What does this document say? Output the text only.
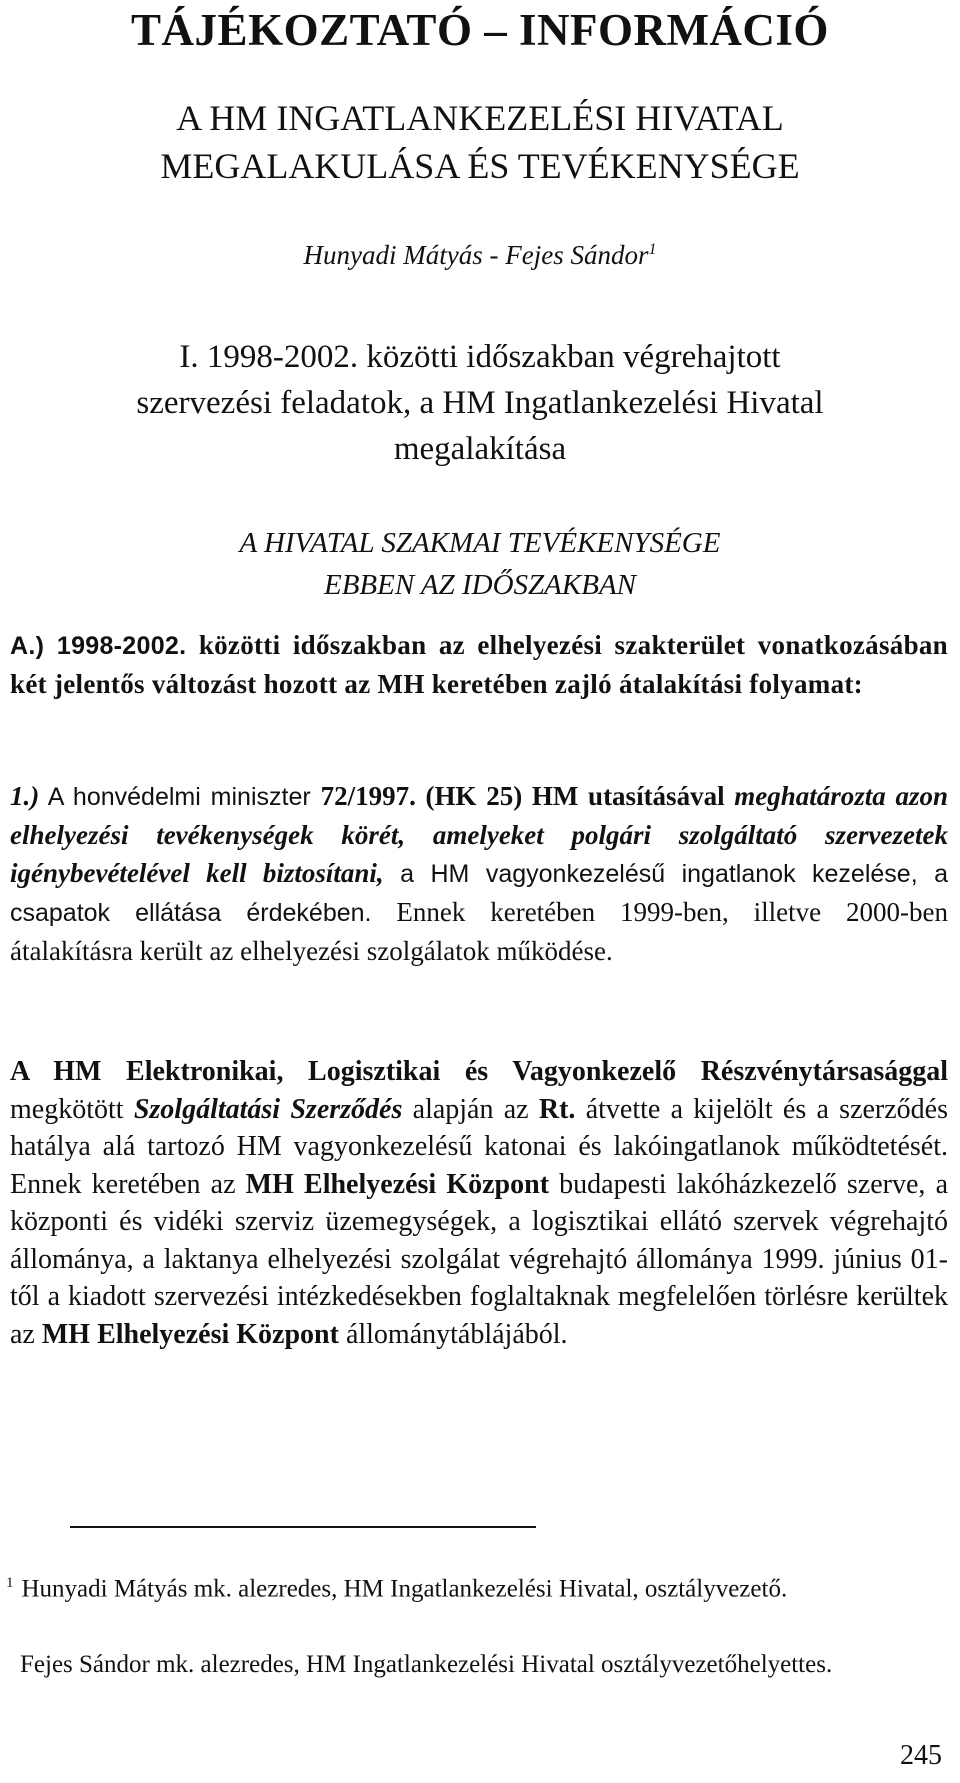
TÁJÉKOZTATÓ – INFORMÁCIÓ
A HM INGATLANKEZELÉSI HIVATAL
MEGALAKULÁSA ÉS TEVÉKENYSÉGE
Hunyadi Mátyás - Fejes Sándor$^1$
I. 1998-2002. közötti időszakban végrehajtott
szervezési feladatok, a HM Ingatlankezelési Hivatal
megalakítása
A HIVATAL SZAKMAI TEVÉKENYSÉGE
EBBEN AZ IDŐSZAKBAN
A.) 1998-2002. közötti időszakban az elhelyezési szakterület vonatkozásában két jelentős változást hozott az MH keretében zajló átalakítási folyamat:
1.) A honvédelmi miniszter 72/1997. (HK 25) HM utasításával meghatározta azon elhelyezési tevékenységek körét, amelyeket polgári szolgáltató szervezetek igénybevételével kell biztosítani, a HM vagyonkezelésű ingatlanok kezelése, a csapatok ellátása érdekében. Ennek keretében 1999-ben, illetve 2000-ben átalakításra került az elhelyezési szolgálatok működése.
A HM Elektronikai, Logisztikai és Vagyonkezelő Részvénytársasággal megkötött Szolgáltatási Szerződés alapján az Rt. átvette a kijelölt és a szerződés hatálya alá tartozó HM vagyonkezelésű katonai és lakóingatlanok működtetését. Ennek keretében az MH Elhelyezési Központ budapesti lakóházkezelő szerve, a központi és vidéki szerviz üzemegységek, a logisztikai ellátó szervek végrehajtó állománya, a laktanya elhelyezési szolgálat végrehajtó állománya 1999. június 01-től a kiadott szervezési intézkedésekben foglaltaknak megfelelően törlésre kerültek az MH Elhelyezési Központ állománytáblájából.
$^1$ Hunyadi Mátyás mk. alezredes, HM Ingatlankezelési Hivatal, osztályvezető.
Fejes Sándor mk. alezredes, HM Ingatlankezelési Hivatal osztályvezetőhelyettes.
245
